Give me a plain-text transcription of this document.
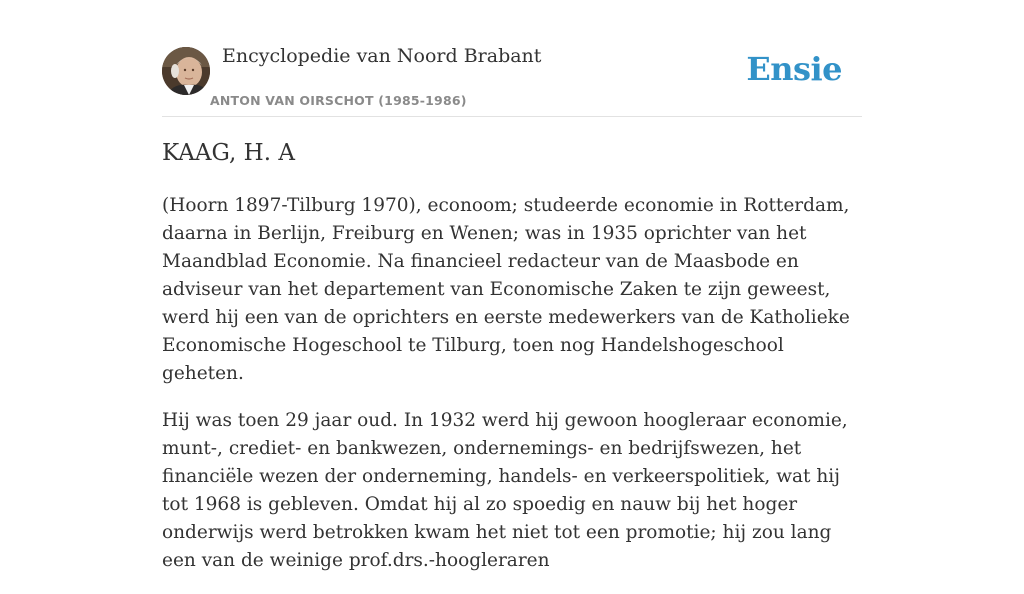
Encyclopedie van Noord Brabant
ANTON VAN OIRSCHOT (1985-1986)
Ensie
KAAG, H. A

(Hoorn 1897-Tilburg 1970), econoom; studeerde economie in Rotterdam, daarna in Berlijn, Freiburg en Wenen; was in 1935 oprichter van het Maandblad Economie. Na financieel redacteur van de Maasbode en adviseur van het departement van Economische Zaken te zijn geweest, werd hij een van de oprichters en eerste medewerkers van de Katholieke Economische Hogeschool te Tilburg, toen nog Handelshogeschool geheten.

Hij was toen 29 jaar oud. In 1932 werd hij gewoon hoogleraar economie, munt-, crediet- en bankwezen, ondernemings- en bedrijfswezen, het financiële wezen der onderneming, handels- en verkeerspolitiek, wat hij tot 1968 is gebleven. Omdat hij al zo spoedig en nauw bij het hoger onderwijs werd betrokken kwam het niet tot een promotie; hij zou lang een van de weinige prof.drs.-hoogleraren
